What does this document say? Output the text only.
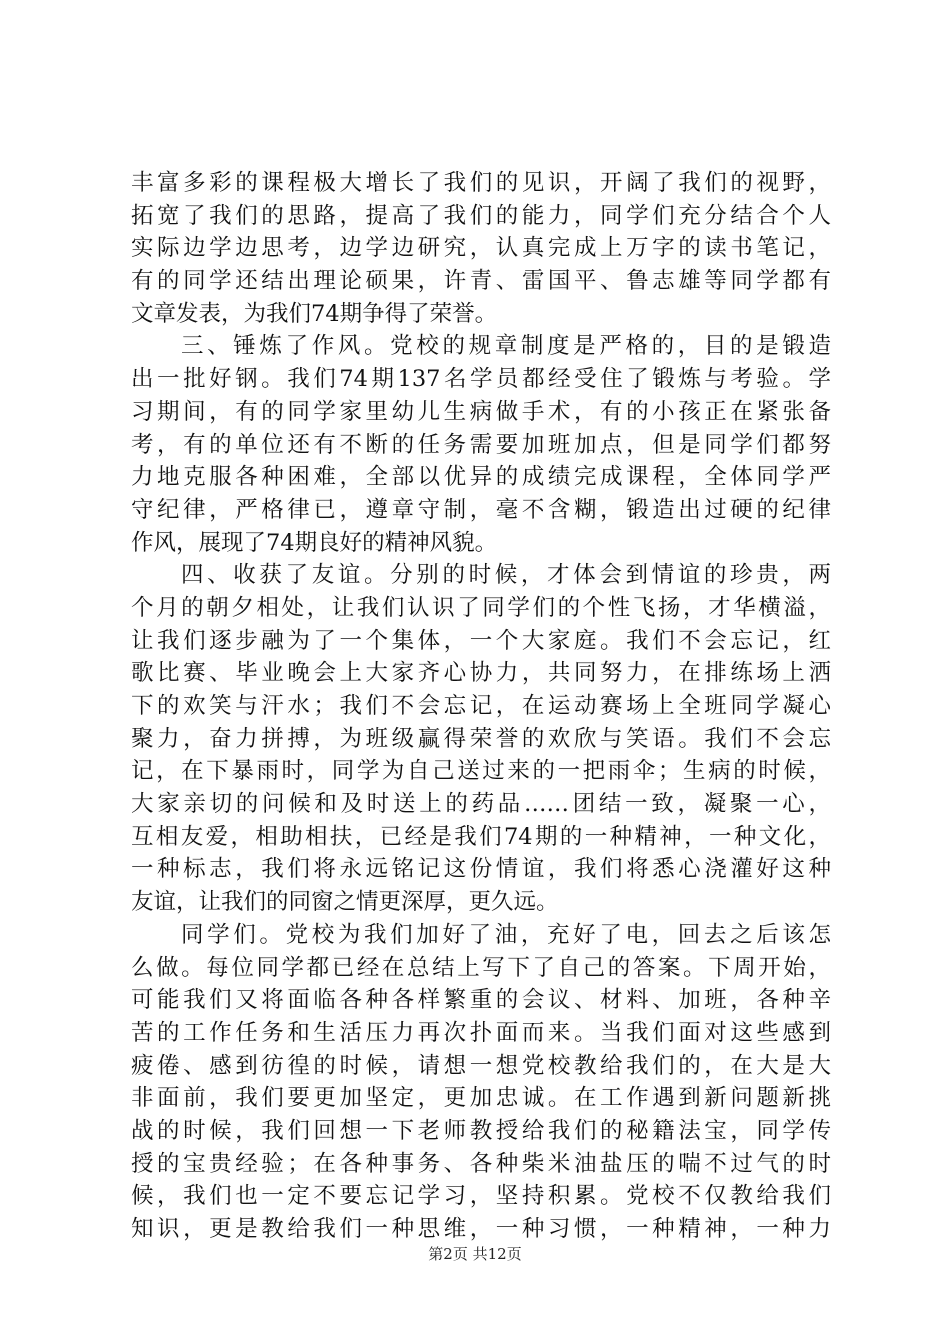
丰富多彩的课程极大增长了我们的见识，开阔了我们的视野，
拓宽了我们的思路，提高了我们的能力，同学们充分结合个人
实际边学边思考，边学边研究，认真完成上万字的读书笔记，
有的同学还结出理论硕果，许青、雷国平、鲁志雄等同学都有
文章发表，为我们74期争得了荣誉。
三、锤炼了作风。党校的规章制度是严格的，目的是锻造
出一批好钢。我们74期137名学员都经受住了锻炼与考验。学
习期间，有的同学家里幼儿生病做手术，有的小孩正在紧张备
考，有的单位还有不断的任务需要加班加点，但是同学们都努
力地克服各种困难，全部以优异的成绩完成课程，全体同学严
守纪律，严格律已，遵章守制，毫不含糊，锻造出过硬的纪律
作风，展现了74期良好的精神风貌。
四、收获了友谊。分别的时候，才体会到情谊的珍贵，两
个月的朝夕相处，让我们认识了同学们的个性飞扬，才华横溢，
让我们逐步融为了一个集体，一个大家庭。我们不会忘记，红
歌比赛、毕业晚会上大家齐心协力，共同努力，在排练场上洒
下的欢笑与汗水；我们不会忘记，在运动赛场上全班同学凝心
聚力，奋力拼搏，为班级赢得荣誉的欢欣与笑语。我们不会忘
记，在下暴雨时，同学为自己送过来的一把雨伞；生病的时候，
大家亲切的问候和及时送上的药品……团结一致，凝聚一心，
互相友爱，相助相扶，已经是我们74期的一种精神，一种文化，
一种标志，我们将永远铭记这份情谊，我们将悉心浇灌好这种
友谊，让我们的同窗之情更深厚，更久远。
同学们。党校为我们加好了油，充好了电，回去之后该怎
么做。每位同学都已经在总结上写下了自己的答案。下周开始，
可能我们又将面临各种各样繁重的会议、材料、加班，各种辛
苦的工作任务和生活压力再次扑面而来。当我们面对这些感到
疲倦、感到彷徨的时候，请想一想党校教给我们的，在大是大
非面前，我们要更加坚定，更加忠诚。在工作遇到新问题新挑
战的时候，我们回想一下老师教授给我们的秘籍法宝，同学传
授的宝贵经验；在各种事务、各种柴米油盐压的喘不过气的时
候，我们也一定不要忘记学习，坚持积累。党校不仅教给我们
知识，更是教给我们一种思维，一种习惯，一种精神，一种力
第2页 共12页
